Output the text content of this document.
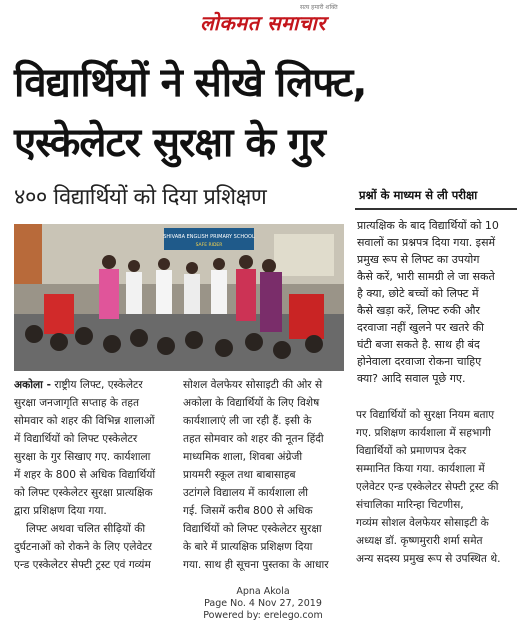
लोकमत समाचार
सत्य हमारी शक्ति
विद्यार्थियों ने सीखे लिफ्ट,
एस्केलेटर सुरक्षा के गुर
४०० विद्यार्थियों को दिया प्रशिक्षण	प्रश्नों के माध्यम से ली परीक्षा
प्रात्यक्षिक के बाद विद्यार्थियों को 10
सवालों का प्रश्नपत्र दिया गया. इसमें
प्रमुख रूप से लिफ्ट का उपयोग
कैसे करें, भारी सामग्री ले जा सकते
है क्या, छोटे बच्चों को लिफ्ट में
कैसे खड़ा करें, लिफ्ट रुकी और
दरवाजा नहीं खुलने पर खतरे की
घंटी बजा सकते है. साथ ही बंद
होनेवाला दरवाजा रोकना चाहिए
क्या? आदि सवाल पूछे गए.
SHIVABA ENGLISH PRIMARY SCHOOL
SAFE RIDER
अकोला - राष्ट्रीय लिफ्ट, एस्केलेटर
सुरक्षा जनजागृति सप्ताह के तहत
सोमवार को शहर की विभिन्न शालाओं
में विद्यार्थियों को लिफ्ट एस्केलेटर
सुरक्षा के गुर सिखाए गए. कार्यशाला
में शहर के 800 से अधिक विद्यार्थियों
को लिफ्ट एस्केलेटर सुरक्षा प्रात्यक्षिक
द्वारा प्रशिक्षण दिया गया.
लिफ्ट अथवा चलित सीढ़ियों की
दुर्घटनाओं को रोकने के लिए एलेवेटर
एन्ड एस्केलेटर सेफ्टी ट्रस्ट एवं गव्यंम
सोशल वेलफेयर सोसाइटी की ओर से
अकोला के विद्यार्थियों के लिए विशेष
कार्यशालाएं ली जा रही हैं. इसी के
तहत सोमवार को शहर की नूतन हिंदी
माध्यमिक शाला, शिवबा अंग्रेजी
प्रायमरी स्कूल तथा बाबासाहब
उटांगले विद्यालय में कार्यशाला ली
गई. जिसमें करीब 800 से अधिक
विद्यार्थियों को लिफ्ट एस्केलेटर सुरक्षा
के बारे में प्रात्यक्षिक प्रशिक्षण दिया
गया. साथ ही सूचना पुस्तका के आधार
पर विद्यार्थियों को सुरक्षा नियम बताए
गए. प्रशिक्षण कार्यशाला में सहभागी
विद्यार्थियों को प्रमाणपत्र देकर
सम्मानित किया गया. कार्यशाला में
एलेवेटर एन्ड एस्केलेटर सेफ्टी ट्रस्ट की
संचालिका मारिन्हा चिटणीस,
गव्यंम सोशल वेलफेयर सोसाइटी के
अध्यक्ष डॉ. कृष्णमुरारी शर्मा समेत
अन्य सदस्य प्रमुख रूप से उपस्थित थे.
Apna Akola
Page No. 4 Nov 27, 2019
Powered by: erelego.com
